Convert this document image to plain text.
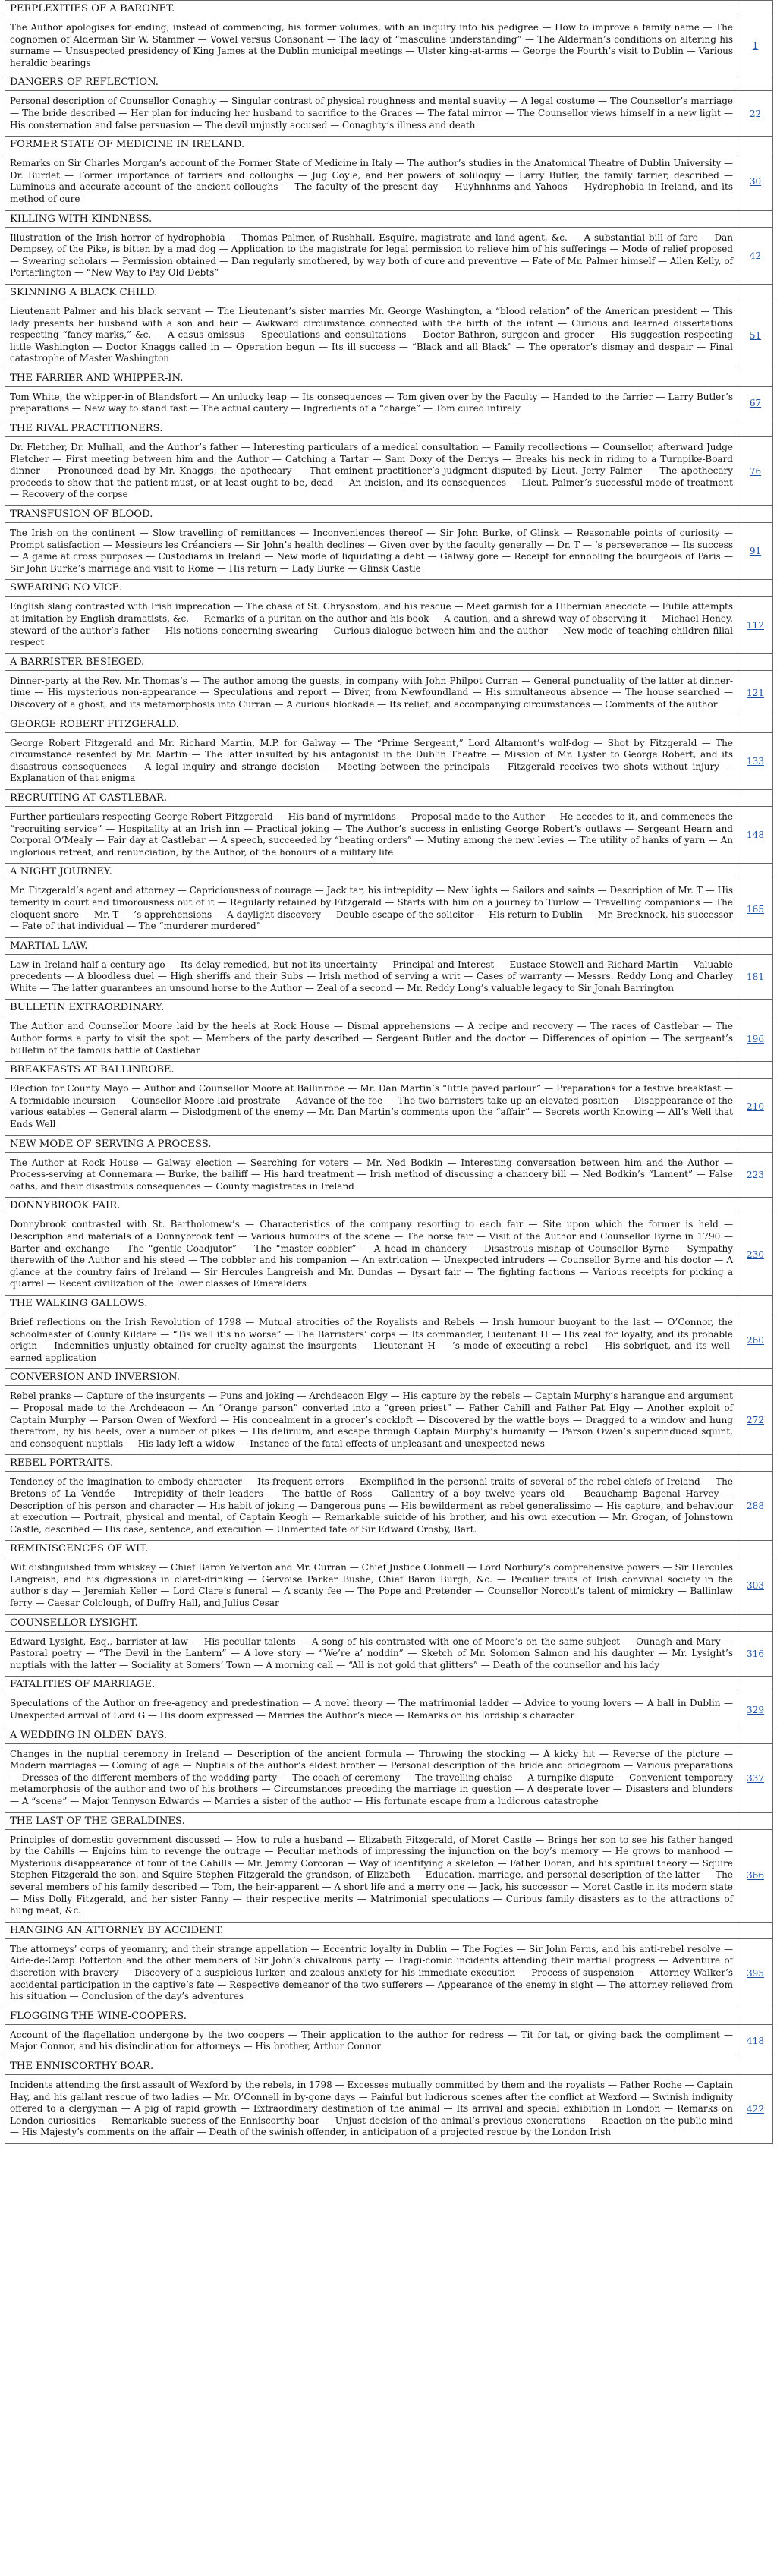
PERPLEXITIES OF A BARONET.	
The Author apologises for ending, instead of commencing, his former volumes, with an inquiry into his pedigree — How to improve a family name — The cognomen of Alderman Sir W. Stammer — Vowel versus Consonant — The lady of “masculine understanding” — The Alderman’s conditions on altering his surname — Unsuspected presidency of King James at the Dublin municipal meetings — Ulster king-at-arms — George the Fourth’s visit to Dublin — Various heraldic bearings	1
DANGERS OF REFLECTION.	
Personal description of Counsellor Conaghty — Singular contrast of physical roughness and mental suavity — A legal costume — The Counsellor’s marriage — The bride described — Her plan for inducing her husband to sacrifice to the Graces — The fatal mirror — The Counsellor views himself in a new light — His consternation and false persuasion — The devil unjustly accused — Conaghty’s illness and death	22
FORMER STATE OF MEDICINE IN IRELAND.	
Remarks on Sir Charles Morgan’s account of the Former State of Medicine in Italy — The author’s studies in the Anatomical Theatre of Dublin University — Dr. Burdet — Former importance of farriers and colloughs — Jug Coyle, and her powers of soliloquy — Larry Butler, the family farrier, described — Luminous and accurate account of the ancient colloughs — The faculty of the present day — Huyhnhnms and Yahoos — Hydrophobia in Ireland, and its method of cure	30
KILLING WITH KINDNESS.	
Illustration of the Irish horror of hydrophobia — Thomas Palmer, of Rushhall, Esquire, magistrate and land-agent, &c. — A substantial bill of fare — Dan Dempsey, of the Pike, is bitten by a mad dog — Application to the magistrate for legal permission to relieve him of his sufferings — Mode of relief proposed — Swearing scholars — Permission obtained — Dan regularly smothered, by way both of cure and preventive — Fate of Mr. Palmer himself — Allen Kelly, of Portarlington — “New Way to Pay Old Debts”	42
SKINNING A BLACK CHILD.	
Lieutenant Palmer and his black servant — The Lieutenant’s sister marries Mr. George Washington, a “blood relation” of the American president — This lady presents her husband with a son and heir — Awkward circumstance connected with the birth of the infant — Curious and learned dissertations respecting “fancy-marks,” &c. — A casus omissus — Speculations and consultations — Doctor Bathron, surgeon and grocer — His suggestion respecting little Washington — Doctor Knaggs called in — Operation begun — Its ill success — “Black and all Black” — The operator’s dismay and despair — Final catastrophe of Master Washington	51
THE FARRIER AND WHIPPER-IN.	
Tom White, the whipper-in of Blandsfort — An unlucky leap — Its consequences — Tom given over by the Faculty — Handed to the farrier — Larry Butler’s preparations — New way to stand fast — The actual cautery — Ingredients of a “charge” — Tom cured intirely	67
THE RIVAL PRACTITIONERS.	
Dr. Fletcher, Dr. Mulhall, and the Author’s father — Interesting particulars of a medical consultation — Family recollections — Counsellor, afterward Judge Fletcher — First meeting between him and the Author — Catching a Tartar — Sam Doxy of the Derrys — Breaks his neck in riding to a Turnpike-Board dinner — Pronounced dead by Mr. Knaggs, the apothecary — That eminent practitioner’s judgment disputed by Lieut. Jerry Palmer — The apothecary proceeds to show that the patient must, or at least ought to be, dead — An incision, and its consequences — Lieut. Palmer’s successful mode of treatment — Recovery of the corpse	76
TRANSFUSION OF BLOOD.	
The Irish on the continent — Slow travelling of remittances — Inconveniences thereof — Sir John Burke, of Glinsk — Reasonable points of curiosity — Prompt satisfaction — Messieurs les Créanciers — Sir John’s health declines — Given over by the faculty generally — Dr. T — ’s perseverance — Its success — A game at cross purposes — Custodiams in Ireland — New mode of liquidating a debt — Galway gore — Receipt for ennobling the bourgeois of Paris — Sir John Burke’s marriage and visit to Rome — His return — Lady Burke — Glinsk Castle	91
SWEARING NO VICE.	
English slang contrasted with Irish imprecation — The chase of St. Chrysostom, and his rescue — Meet garnish for a Hibernian anecdote — Futile attempts at imitation by English dramatists, &c. — Remarks of a puritan on the author and his book — A caution, and a shrewd way of observing it — Michael Heney, steward of the author’s father — His notions concerning swearing — Curious dialogue between him and the author — New mode of teaching children filial respect	112
A BARRISTER BESIEGED.	
Dinner-party at the Rev. Mr. Thomas’s — The author among the guests, in company with John Philpot Curran — General punctuality of the latter at dinner-time — His mysterious non-appearance — Speculations and report — Diver, from Newfoundland — His simultaneous absence — The house searched — Discovery of a ghost, and its metamorphosis into Curran — A curious blockade — Its relief, and accompanying circumstances — Comments of the author	121
GEORGE ROBERT FITZGERALD.	
George Robert Fitzgerald and Mr. Richard Martin, M.P. for Galway — The “Prime Sergeant,” Lord Altamont’s wolf-dog — Shot by Fitzgerald — The circumstance resented by Mr. Martin — The latter insulted by his antagonist in the Dublin Theatre — Mission of Mr. Lyster to George Robert, and its disastrous consequences — A legal inquiry and strange decision — Meeting between the principals — Fitzgerald receives two shots without injury — Explanation of that enigma	133
RECRUITING AT CASTLEBAR.	
Further particulars respecting George Robert Fitzgerald — His band of myrmidons — Proposal made to the Author — He accedes to it, and commences the “recruiting service” — Hospitality at an Irish inn — Practical joking — The Author’s success in enlisting George Robert’s outlaws — Sergeant Hearn and Corporal O’Mealy — Fair day at Castlebar — A speech, succeeded by “beating orders” — Mutiny among the new levies — The utility of hanks of yarn — An inglorious retreat, and renunciation, by the Author, of the honours of a military life	148
A NIGHT JOURNEY.	
Mr. Fitzgerald’s agent and attorney — Capriciousness of courage — Jack tar, his intrepidity — New lights — Sailors and saints — Description of Mr. T — His temerity in court and timorousness out of it — Regularly retained by Fitzgerald — Starts with him on a journey to Turlow — Travelling companions — The eloquent snore — Mr. T — ’s apprehensions — A daylight discovery — Double escape of the solicitor — His return to Dublin — Mr. Brecknock, his successor — Fate of that individual — The “murderer murdered”	165
MARTIAL LAW.	
Law in Ireland half a century ago — Its delay remedied, but not its uncertainty — Principal and Interest — Eustace Stowell and Richard Martin — Valuable precedents — A bloodless duel — High sheriffs and their Subs — Irish method of serving a writ — Cases of warranty — Messrs. Reddy Long and Charley White — The latter guarantees an unsound horse to the Author — Zeal of a second — Mr. Reddy Long’s valuable legacy to Sir Jonah Barrington	181
BULLETIN EXTRAORDINARY.	
The Author and Counsellor Moore laid by the heels at Rock House — Dismal apprehensions — A recipe and recovery — The races of Castlebar — The Author forms a party to visit the spot — Members of the party described — Sergeant Butler and the doctor — Differences of opinion — The sergeant’s bulletin of the famous battle of Castlebar	196
BREAKFASTS AT BALLINROBE.	
Election for County Mayo — Author and Counsellor Moore at Ballinrobe — Mr. Dan Martin’s “little paved parlour” — Preparations for a festive breakfast — A formidable incursion — Counsellor Moore laid prostrate — Advance of the foe — The two barristers take up an elevated position — Disappearance of the various eatables — General alarm — Dislodgment of the enemy — Mr. Dan Martin’s comments upon the “affair” — Secrets worth Knowing — All’s Well that Ends Well	210
NEW MODE OF SERVING A PROCESS.	
The Author at Rock House — Galway election — Searching for voters — Mr. Ned Bodkin — Interesting conversation between him and the Author — Process-serving at Connemara — Burke, the bailiff — His hard treatment — Irish method of discussing a chancery bill — Ned Bodkin’s “Lament” — False oaths, and their disastrous consequences — County magistrates in Ireland	223
DONNYBROOK FAIR.	
Donnybrook contrasted with St. Bartholomew’s — Characteristics of the company resorting to each fair — Site upon which the former is held — Description and materials of a Donnybrook tent — Various humours of the scene — The horse fair — Visit of the Author and Counsellor Byrne in 1790 — Barter and exchange — The “gentle Coadjutor” — The “master cobbler” — A head in chancery — Disastrous mishap of Counsellor Byrne — Sympathy therewith of the Author and his steed — The cobbler and his companion — An extrication — Unexpected intruders — Counsellor Byrne and his doctor — A glance at the country fairs of Ireland — Sir Hercules Langreish and Mr. Dundas — Dysart fair — The fighting factions — Various receipts for picking a quarrel — Recent civilization of the lower classes of Emeralders	230
THE WALKING GALLOWS.	
Brief reflections on the Irish Revolution of 1798 — Mutual atrocities of the Royalists and Rebels — Irish humour buoyant to the last — O’Connor, the schoolmaster of County Kildare — “Tis well it’s no worse” — The Barristers’ corps — Its commander, Lieutenant H — His zeal for loyalty, and its probable origin — Indemnities unjustly obtained for cruelty against the insurgents — Lieutenant H — ’s mode of executing a rebel — His sobriquet, and its well-earned application	260
CONVERSION AND INVERSION.	
Rebel pranks — Capture of the insurgents — Puns and joking — Archdeacon Elgy — His capture by the rebels — Captain Murphy’s harangue and argument — Proposal made to the Archdeacon — An “Orange parson” converted into a “green priest” — Father Cahill and Father Pat Elgy — Another exploit of Captain Murphy — Parson Owen of Wexford — His concealment in a grocer’s cockloft — Discovered by the wattle boys — Dragged to a window and hung therefrom, by his heels, over a number of pikes — His delirium, and escape through Captain Murphy’s humanity — Parson Owen’s superinduced squint, and consequent nuptials — His lady left a widow — Instance of the fatal effects of unpleasant and unexpected news	272
REBEL PORTRAITS.	
Tendency of the imagination to embody character — Its frequent errors — Exemplified in the personal traits of several of the rebel chiefs of Ireland — The Bretons of La Vendée — Intrepidity of their leaders — The battle of Ross — Gallantry of a boy twelve years old — Beauchamp Bagenal Harvey — Description of his person and character — His habit of joking — Dangerous puns — His bewilderment as rebel generalissimo — His capture, and behaviour at execution — Portrait, physical and mental, of Captain Keogh — Remarkable suicide of his brother, and his own execution — Mr. Grogan, of Johnstown Castle, described — His case, sentence, and execution — Unmerited fate of Sir Edward Crosby, Bart.	288
REMINISCENCES OF WIT.	
Wit distinguished from whiskey — Chief Baron Yelverton and Mr. Curran — Chief Justice Clonmell — Lord Norbury’s comprehensive powers — Sir Hercules Langreish, and his digressions in claret-drinking — Gervoise Parker Bushe, Chief Baron Burgh, &c. — Peculiar traits of Irish convivial society in the author’s day — Jeremiah Keller — Lord Clare’s funeral — A scanty fee — The Pope and Pretender — Counsellor Norcott’s talent of mimickry — Ballinlaw ferry — Caesar Colclough, of Duffry Hall, and Julius Cesar	303
COUNSELLOR LYSIGHT.	
Edward Lysight, Esq., barrister-at-law — His peculiar talents — A song of his contrasted with one of Moore’s on the same subject — Ounagh and Mary — Pastoral poetry — “The Devil in the Lantern” — A love story — “We’re a’ noddin” — Sketch of Mr. Solomon Salmon and his daughter — Mr. Lysight’s nuptials with the latter — Sociality at Somers’ Town — A morning call — “All is not gold that glitters” — Death of the counsellor and his lady	316
FATALITIES OF MARRIAGE.	
Speculations of the Author on free-agency and predestination — A novel theory — The matrimonial ladder — Advice to young lovers — A ball in Dublin — Unexpected arrival of Lord G — His doom expressed — Marries the Author’s niece — Remarks on his lordship’s character	329
A WEDDING IN OLDEN DAYS.	
Changes in the nuptial ceremony in Ireland — Description of the ancient formula — Throwing the stocking — A kicky hit — Reverse of the picture — Modern marriages — Coming of age — Nuptials of the author’s eldest brother — Personal description of the bride and bridegroom — Various preparations — Dresses of the different members of the wedding-party — The coach of ceremony — The travelling chaise — A turnpike dispute — Convenient temporary metamorphosis of the author and two of his brothers — Circumstances preceding the marriage in question — A desperate lover — Disasters and blunders — A “scene” — Major Tennyson Edwards — Marries a sister of the author — His fortunate escape from a ludicrous catastrophe	337
THE LAST OF THE GERALDINES.	
Principles of domestic government discussed — How to rule a husband — Elizabeth Fitzgerald, of Moret Castle — Brings her son to see his father hanged by the Cahills — Enjoins him to revenge the outrage — Peculiar methods of impressing the injunction on the boy’s memory — He grows to manhood — Mysterious disappearance of four of the Cahills — Mr. Jemmy Corcoran — Way of identifying a skeleton — Father Doran, and his spiritual theory — Squire Stephen Fitzgerald the son, and Squire Stephen Fitzgerald the grandson, of Elizabeth — Education, marriage, and personal description of the latter — The several members of his family described — Tom, the heir-apparent — A short life and a merry one — Jack, his successor — Moret Castle in its modern state — Miss Dolly Fitzgerald, and her sister Fanny — their respective merits — Matrimonial speculations — Curious family disasters as to the attractions of hung meat, &c.	366
HANGING AN ATTORNEY BY ACCIDENT.	
The attorneys’ corps of yeomanry, and their strange appellation — Eccentric loyalty in Dublin — The Fogies — Sir John Ferns, and his anti-rebel resolve — Aide-de-Camp Potterton and the other members of Sir John’s chivalrous party — Tragi-comic incidents attending their martial progress — Adventure of discretion with bravery — Discovery of a suspicious lurker, and zealous anxiety for his immediate execution — Process of suspension — Attorney Walker’s accidental participation in the captive’s fate — Respective demeanor of the two sufferers — Appearance of the enemy in sight — The attorney relieved from his situation — Conclusion of the day’s adventures	395
FLOGGING THE WINE-COOPERS.	
Account of the flagellation undergone by the two coopers — Their application to the author for redress — Tit for tat, or giving back the compliment — Major Connor, and his disinclination for attorneys — His brother, Arthur Connor	418
THE ENNISCORTHY BOAR.	
Incidents attending the first assault of Wexford by the rebels, in 1798 — Excesses mutually committed by them and the royalists — Father Roche — Captain Hay, and his gallant rescue of two ladies — Mr. O’Connell in by-gone days — Painful but ludicrous scenes after the conflict at Wexford — Swinish indignity offered to a clergyman — A pig of rapid growth — Extraordinary destination of the animal — Its arrival and special exhibition in London — Remarks on London curiosities — Remarkable success of the Enniscorthy boar — Unjust decision of the animal’s previous exonerations — Reaction on the public mind — His Majesty’s comments on the affair — Death of the swinish offender, in anticipation of a projected rescue by the London Irish	422
